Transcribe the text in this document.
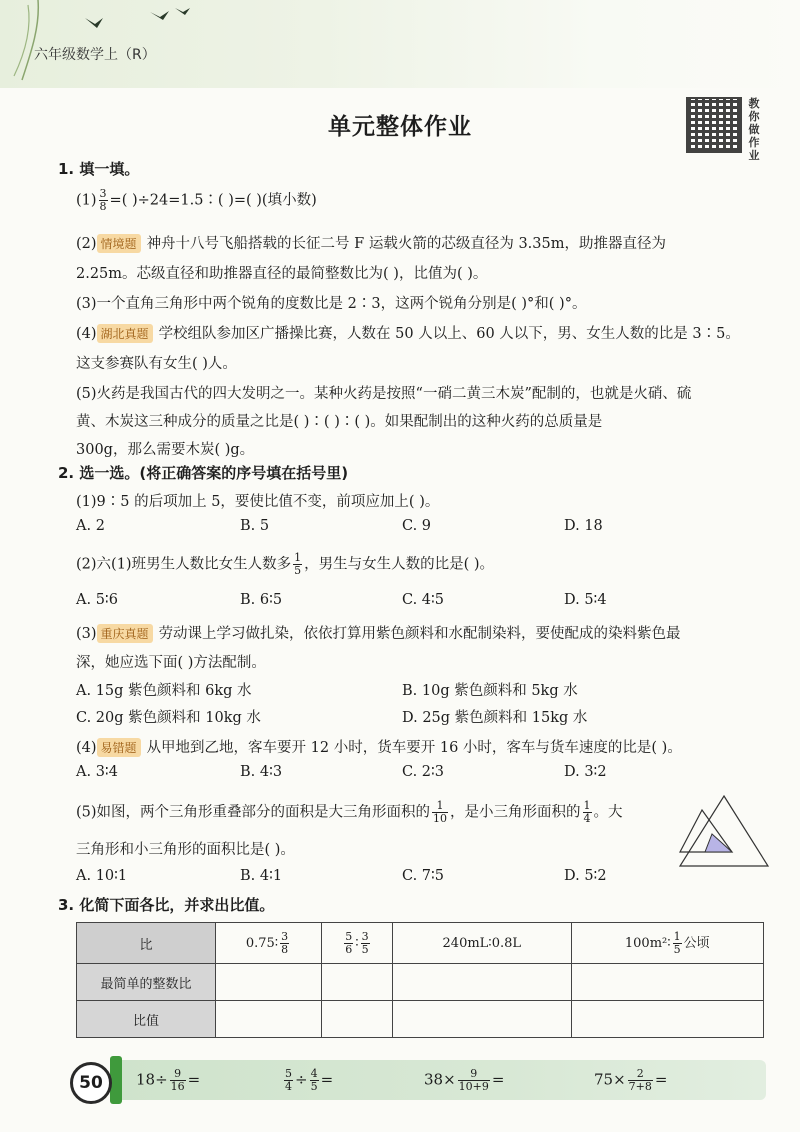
六年级数学上（R）
单元整体作业
教你做作业
1. 填一填。
$(1) \frac{3}{8}$ =( )÷24=1.5∶( )=( )(填小数)
(2) 情境题 神舟十八号飞船搭载的长征二号 F 运载火箭的芯级直径为 3.35m，助推器直径为
2.25m。芯级直径和助推器直径的最简整数比为( )，比值为( )。
(3)一个直角三角形中两个锐角的度数比是 2∶3，这两个锐角分别是( )°和( )°。
(4) 湖北真题 学校组队参加区广播操比赛，人数在 50 人以上、60 人以下，男、女生人数的比是 3∶5。
这支参赛队有女生( )人。
(5)火药是我国古代的四大发明之一。某种火药是按照“一硝二黄三木炭”配制的，也就是火硝、硫
黄、木炭这三种成分的质量之比是( )∶( )∶( )。如果配制出的这种火药的总质量是
300g，那么需要木炭( )g。
2. 选一选。(将正确答案的序号填在括号里)
(1)9∶5 的后项加上 5，要使比值不变，前项应加上( )。
A. 2	B. 5	C. 9	D. 18
(2)六(1)班男生人数比女生人数多 $\frac{1}{5}$ ，男生与女生人数的比是( )。
A. 5∶6	B. 6∶5	C. 4∶5	D. 5∶4
(3) 重庆真题 劳动课上学习做扎染，依依打算用紫色颜料和水配制染料，要使配成的染料紫色最
深，她应选下面( )方法配制。
A. 15g 紫色颜料和 6kg 水	B. 10g 紫色颜料和 5kg 水
C. 20g 紫色颜料和 10kg 水	D. 25g 紫色颜料和 15kg 水
(4) 易错题 从甲地到乙地，客车要开 12 小时，货车要开 16 小时，客车与货车速度的比是( )。
A. 3∶4	B. 4∶3	C. 2∶3	D. 3∶2
(5)如图，两个三角形重叠部分的面积是大三角形面积的 $\frac{1}{10}$ ，是小三角形面积的 $\frac{1}{4}$ 。大
三角形和小三角形的面积比是( )。
A. 10∶1	B. 4∶1	C. 7∶5	D. 5∶2
3. 化简下面各比，并求出比值。
比	0.75∶ $\frac{3}{8}$	$\frac{5}{6}$ ∶ $\frac{3}{5}$	240mL∶0.8L	100m²∶ $\frac{1}{5}$ 公顷
最简单的整数比				
比值				
50	$18\div \frac{9}{16}$ =	$\frac{5}{4} \div \frac{4}{5}$ =	$38\times \frac{9}{10+9}$ =	$75\times \frac{2}{7+8}$ =
